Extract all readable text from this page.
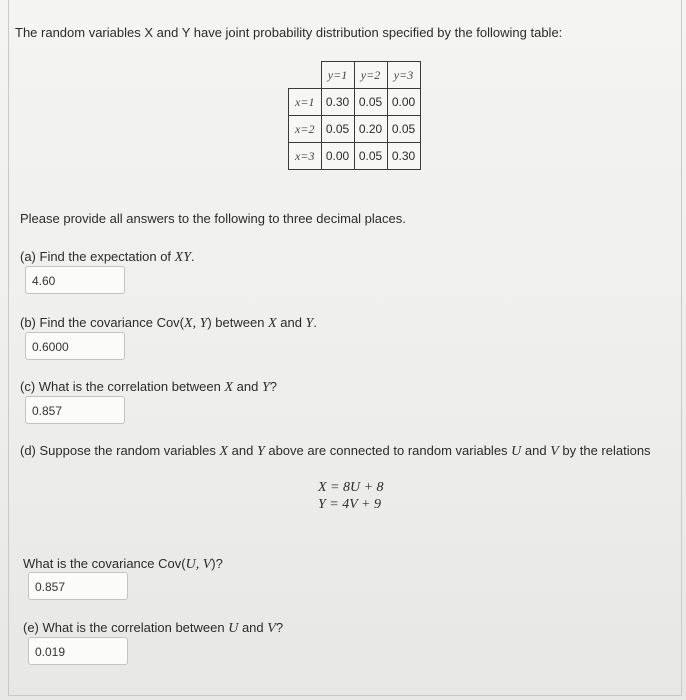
The random variables X and Y have joint probability distribution specified by the following table:
	y=1	y=2	y=3
x=1	0.30	0.05	0.00
x=2	0.05	0.20	0.05
x=3	0.00	0.05	0.30
Please provide all answers to the following to three decimal places.
(a) Find the expectation of XY.
4.60
(b) Find the covariance Cov(X, Y) between X and Y.
0.6000
(c) What is the correlation between X and Y?
0.857
(d) Suppose the random variables X and Y above are connected to random variables U and V by the relations
X = 8U + 8
Y = 4V + 9
What is the covariance Cov(U, V)?
0.857
(e) What is the correlation between U and V?
0.019
